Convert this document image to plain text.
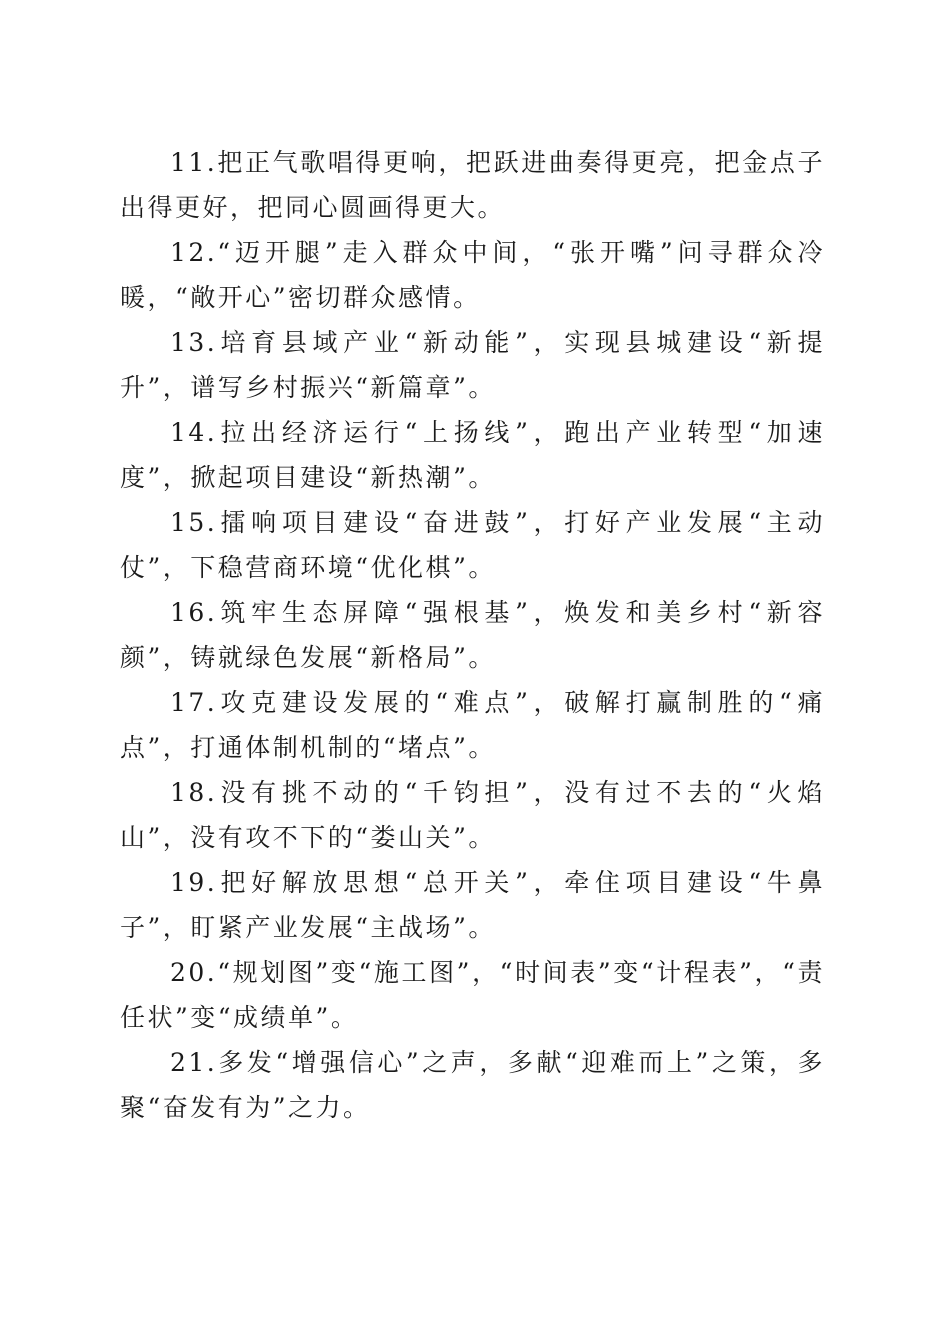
11.把正气歌唱得更响，把跃进曲奏得更亮，把金点子出得更好，把同心圆画得更大。

12.“迈开腿”走入群众中间，“张开嘴”问寻群众冷暖，“敞开心”密切群众感情。

13.培育县域产业“新动能”，实现县城建设“新提升”，谱写乡村振兴“新篇章”。

14.拉出经济运行“上扬线”，跑出产业转型“加速度”，掀起项目建设“新热潮”。

15.擂响项目建设“奋进鼓”，打好产业发展“主动仗”，下稳营商环境“优化棋”。

16.筑牢生态屏障“强根基”，焕发和美乡村“新容颜”，铸就绿色发展“新格局”。

17.攻克建设发展的“难点”，破解打赢制胜的“痛点”，打通体制机制的“堵点”。

18.没有挑不动的“千钧担”，没有过不去的“火焰山”，没有攻不下的“娄山关”。

19.把好解放思想“总开关”，牵住项目建设“牛鼻子”，盯紧产业发展“主战场”。

20.“规划图”变“施工图”，“时间表”变“计程表”，“责任状”变“成绩单”。

21.多发“增强信心”之声，多献“迎难而上”之策，多聚“奋发有为”之力。
